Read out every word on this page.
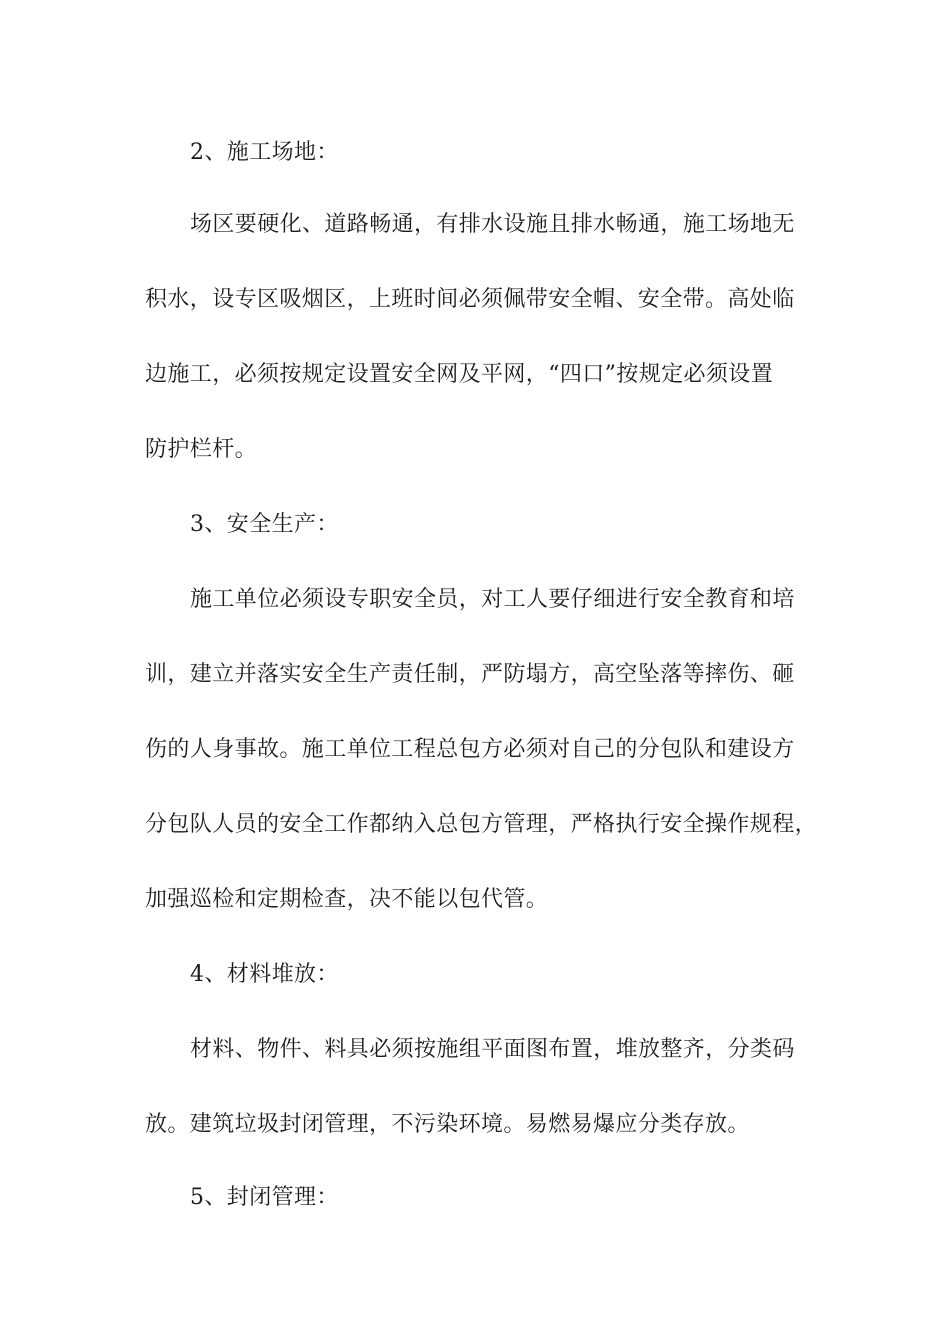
2、施工场地：
场区要硬化、道路畅通，有排水设施且排水畅通，施工场地无
积水，设专区吸烟区，上班时间必须佩带安全帽、安全带。高处临
边施工，必须按规定设置安全网及平网，“四口”按规定必须设置
防护栏杆。
3、安全生产：
施工单位必须设专职安全员，对工人要仔细进行安全教育和培
训，建立并落实安全生产责任制，严防塌方，高空坠落等摔伤、砸
伤的人身事故。施工单位工程总包方必须对自己的分包队和建设方
分包队人员的安全工作都纳入总包方管理，严格执行安全操作规程，
加强巡检和定期检查，决不能以包代管。
4、材料堆放：
材料、物件、料具必须按施组平面图布置，堆放整齐，分类码
放。建筑垃圾封闭管理，不污染环境。易燃易爆应分类存放。
5、封闭管理：
